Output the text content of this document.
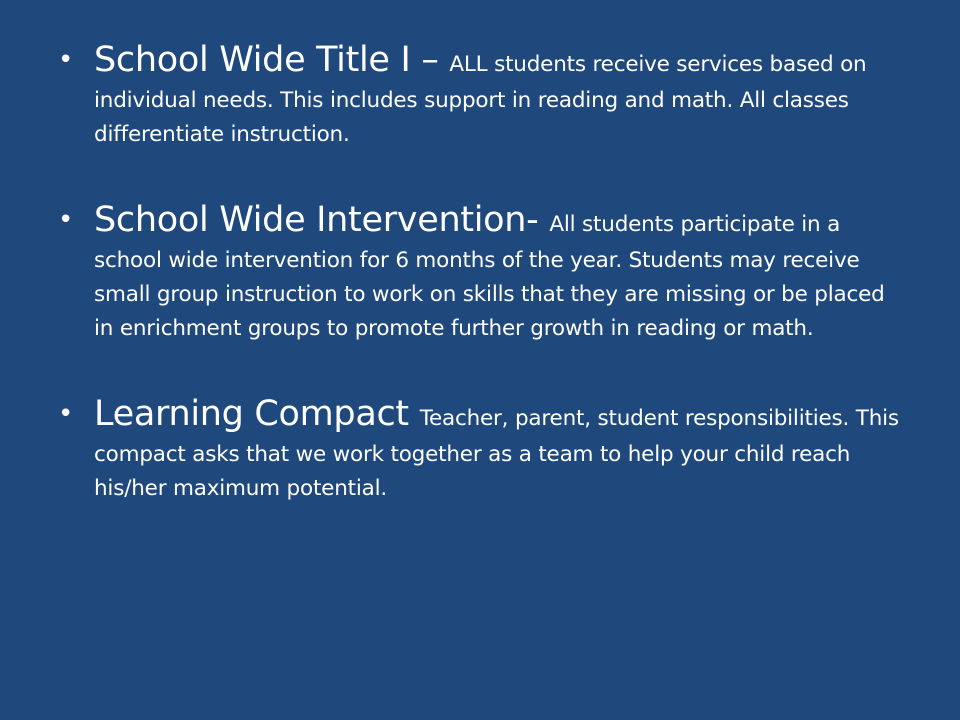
• School Wide Title I – ALL students receive services based on individual needs. This includes support in reading and math. All classes differentiate instruction.
• School Wide Intervention- All students participate in a school wide intervention for 6 months of the year. Students may receive small group instruction to work on skills that they are missing or be placed in enrichment groups to promote further growth in reading or math.
• Learning Compact Teacher, parent, student responsibilities. This compact asks that we work together as a team to help your child reach his/her maximum potential.
